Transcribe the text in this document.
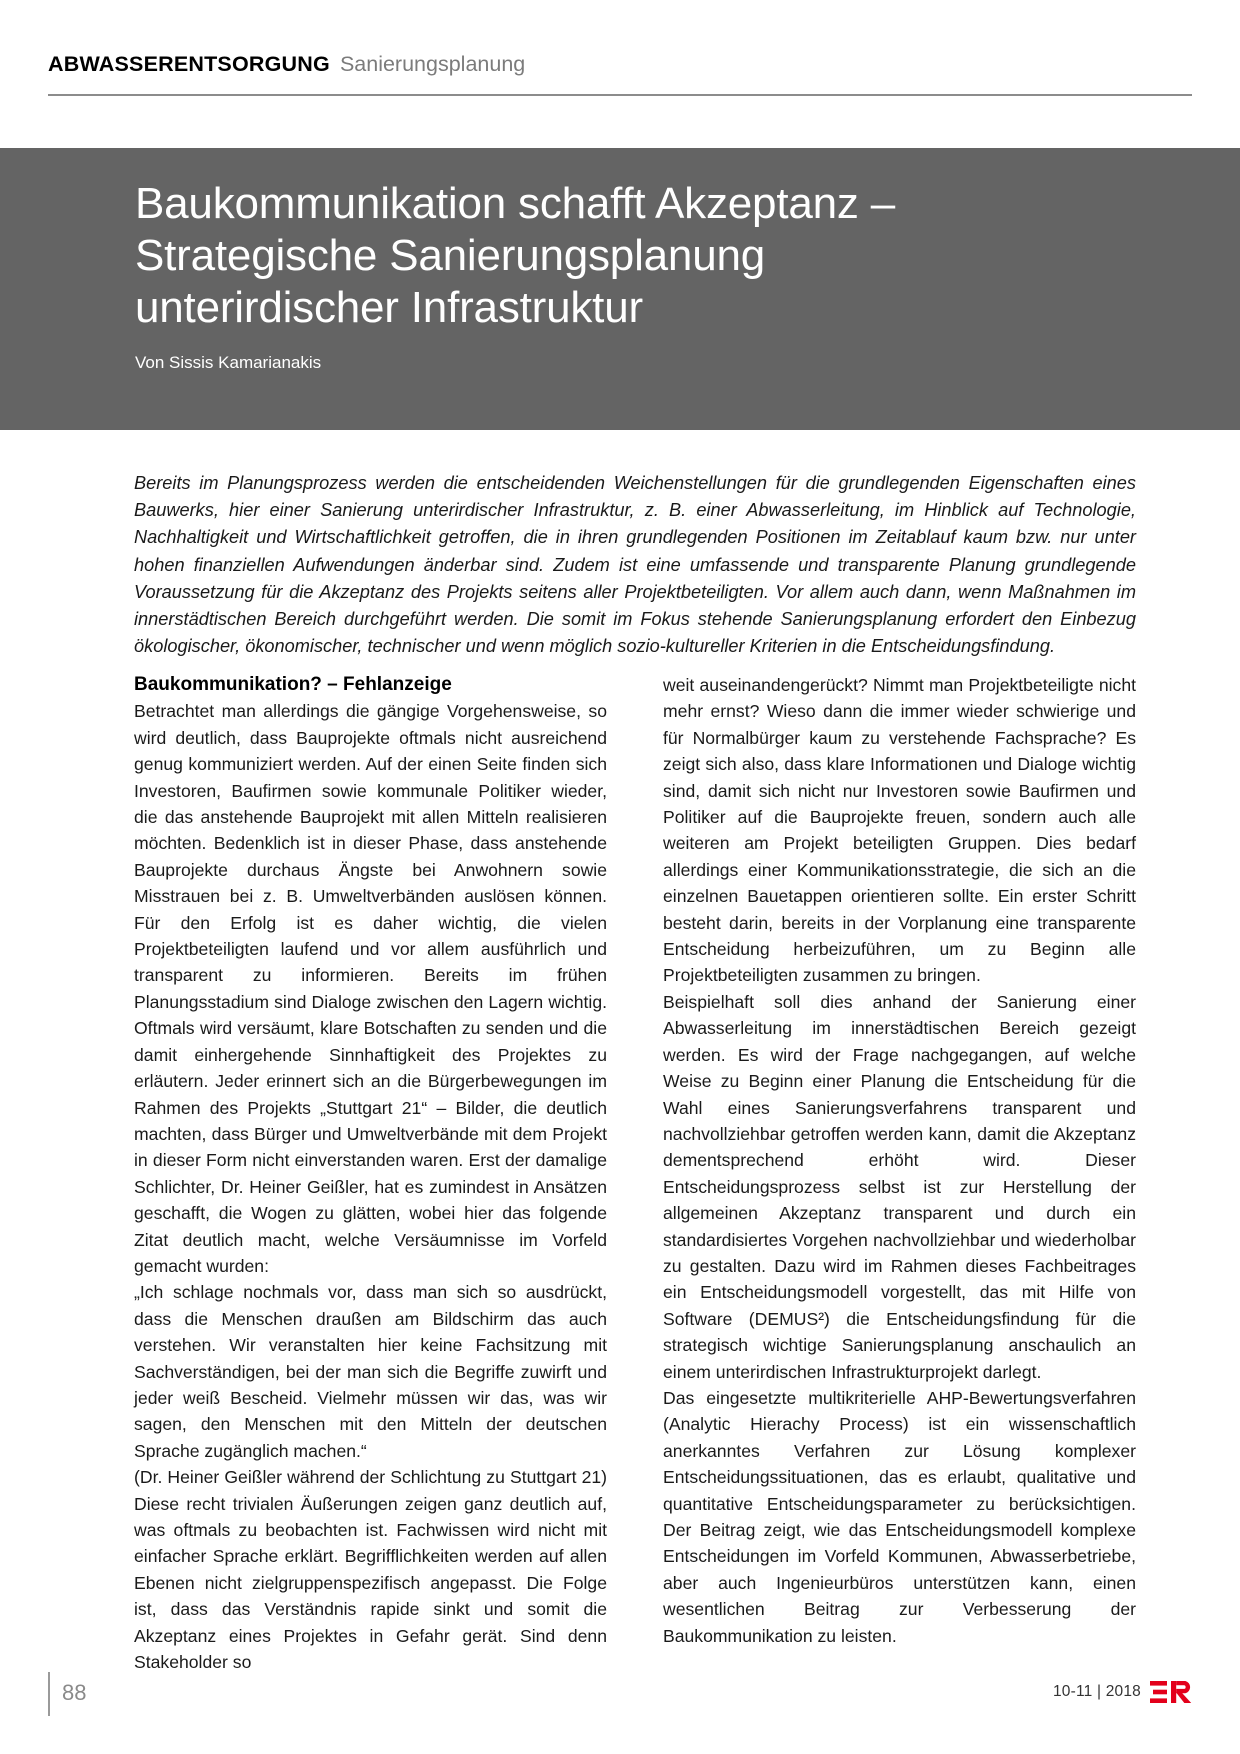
ABWASSERENTSORGUNG Sanierungsplanung
Baukommunikation schafft Akzeptanz –
Strategische Sanierungsplanung
unterirdischer Infrastruktur

Von Sissis Kamarianakis

Bereits im Planungsprozess werden die entscheidenden Weichenstellungen für die grundlegenden Eigenschaften eines Bauwerks, hier einer Sanierung unterirdischer Infrastruktur, z. B. einer Abwasserleitung, im Hinblick auf Technologie, Nachhaltigkeit und Wirtschaftlichkeit getroffen, die in ihren grundlegenden Positionen im Zeitablauf kaum bzw. nur unter hohen finanziellen Aufwendungen änderbar sind. Zudem ist eine umfassende und transparente Planung grundlegende Voraussetzung für die Akzeptanz des Projekts seitens aller Projektbeteiligten. Vor allem auch dann, wenn Maßnahmen im innerstädtischen Bereich durchgeführt werden. Die somit im Fokus stehende Sanierungsplanung erfordert den Einbezug ökologischer, ökonomischer, technischer und wenn möglich sozio-kultureller Kriterien in die Entscheidungsfindung.
Baukommunikation? – Fehlanzeige

Betrachtet man allerdings die gängige Vorgehensweise, so wird deutlich, dass Bauprojekte oftmals nicht ausreichend genug kommuniziert werden. Auf der einen Seite finden sich Investoren, Baufirmen sowie kommunale Politiker wieder, die das anstehende Bauprojekt mit allen Mitteln realisieren möchten. Bedenklich ist in dieser Phase, dass anstehende Bauprojekte durchaus Ängste bei Anwohnern sowie Misstrauen bei z. B. Umweltverbänden auslösen können. Für den Erfolg ist es daher wichtig, die vielen Projektbeteiligten laufend und vor allem ausführlich und transparent zu informieren. Bereits im frühen Planungsstadium sind Dialoge zwischen den Lagern wichtig. Oftmals wird versäumt, klare Botschaften zu senden und die damit einhergehende Sinnhaftigkeit des Projektes zu erläutern. Jeder erinnert sich an die Bürgerbewegungen im Rahmen des Projekts „Stuttgart 21“ – Bilder, die deutlich machten, dass Bürger und Umweltverbände mit dem Projekt in dieser Form nicht einverstanden waren. Erst der damalige Schlichter, Dr. Heiner Geißler, hat es zumindest in Ansätzen geschafft, die Wogen zu glätten, wobei hier das folgende Zitat deutlich macht, welche Versäumnisse im Vorfeld gemacht wurden:

„Ich schlage nochmals vor, dass man sich so ausdrückt, dass die Menschen draußen am Bildschirm das auch verstehen. Wir veranstalten hier keine Fachsitzung mit Sachverständigen, bei der man sich die Begriffe zuwirft und jeder weiß Bescheid. Vielmehr müssen wir das, was wir sagen, den Menschen mit den Mitteln der deutschen Sprache zugänglich machen.“

(Dr. Heiner Geißler während der Schlichtung zu Stuttgart 21) Diese recht trivialen Äußerungen zeigen ganz deutlich auf, was oftmals zu beobachten ist. Fachwissen wird nicht mit einfacher Sprache erklärt. Begrifflichkeiten werden auf allen Ebenen nicht zielgruppenspezifisch angepasst. Die Folge ist, dass das Verständnis rapide sinkt und somit die Akzeptanz eines Projektes in Gefahr gerät. Sind denn Stakeholder so

weit auseinandengerückt? Nimmt man Projektbeteiligte nicht mehr ernst? Wieso dann die immer wieder schwierige und für Normalbürger kaum zu verstehende Fachsprache? Es zeigt sich also, dass klare Informationen und Dialoge wichtig sind, damit sich nicht nur Investoren sowie Baufirmen und Politiker auf die Bauprojekte freuen, sondern auch alle weiteren am Projekt beteiligten Gruppen. Dies bedarf allerdings einer Kommunikationsstrategie, die sich an die einzelnen Bauetappen orientieren sollte. Ein erster Schritt besteht darin, bereits in der Vorplanung eine transparente Entscheidung herbeizuführen, um zu Beginn alle Projektbeteiligten zusammen zu bringen.

Beispielhaft soll dies anhand der Sanierung einer Abwasserleitung im innerstädtischen Bereich gezeigt werden. Es wird der Frage nachgegangen, auf welche Weise zu Beginn einer Planung die Entscheidung für die Wahl eines Sanierungsverfahrens transparent und nachvollziehbar getroffen werden kann, damit die Akzeptanz dementsprechend erhöht wird. Dieser Entscheidungsprozess selbst ist zur Herstellung der allgemeinen Akzeptanz transparent und durch ein standardisiertes Vorgehen nachvollziehbar und wiederholbar zu gestalten. Dazu wird im Rahmen dieses Fachbeitrages ein Entscheidungsmodell vorgestellt, das mit Hilfe von Software (DEMUS²) die Entscheidungsfindung für die strategisch wichtige Sanierungsplanung anschaulich an einem unterirdischen Infrastrukturprojekt darlegt.

Das eingesetzte multikriterielle AHP-Bewertungsverfahren (Analytic Hierachy Process) ist ein wissenschaftlich anerkanntes Verfahren zur Lösung komplexer Entscheidungssituationen, das es erlaubt, qualitative und quantitative Entscheidungsparameter zu berücksichtigen. Der Beitrag zeigt, wie das Entscheidungsmodell komplexe Entscheidungen im Vorfeld Kommunen, Abwasserbetriebe, aber auch Ingenieurbüros unterstützen kann, einen wesentlichen Beitrag zur Verbesserung der Baukommunikation zu leisten.

88	10-11 | 2018
